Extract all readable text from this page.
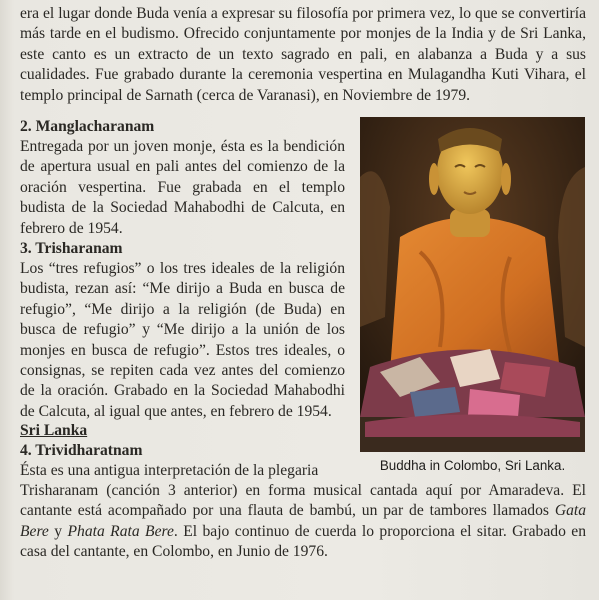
era el lugar donde Buda venía a expresar su filosofía por primera vez, lo que se convertiría más tarde en el budismo. Ofrecido conjuntamente por monjes de la India y de Sri Lanka, este canto es un extracto de un texto sagrado en pali, en alabanza a Buda y a sus cualidades. Fue grabado durante la ceremonia vespertina en Mulagandha Kuti Vihara, el templo principal de Sarnath (cerca de Varanasi), en Noviembre de 1979.

2. Manglacharanam

Entregada por un joven monje, ésta es la bendición de apertura usual en pali antes del comienzo de la oración vespertina. Fue grabada en el templo budista de la Sociedad Mahabodhi de Calcuta, en febrero de 1954.

3. Trisharanam

Los “tres refugios” o los tres ideales de la religión budista, rezan así: “Me dirijo a Buda en busca de refugio”, “Me dirijo a la religión (de Buda) en busca de refugio” y “Me dirijo a la unión de los monjes en busca de refugio”. Estos tres ideales, o consignas, se repiten cada vez antes del comienzo de la oración. Grabado en la Sociedad Mahabodhi de Calcuta, al igual que antes, en febrero de 1954.

Sri Lanka
4. Trividharatnam

Ésta es una antigua interpretación de la plegaria

Trisharanam (canción 3 anterior) en forma musical cantada aquí por Amaradeva. El cantante está acompañado por una flauta de bambú, un par de tambores llamados Gata Bere y Phata Rata Bere. El bajo continuo de cuerda lo proporciona el sitar. Grabado en casa del cantante, en Colombo, en Junio de 1976.

Buddha in Colombo, Sri Lanka.
